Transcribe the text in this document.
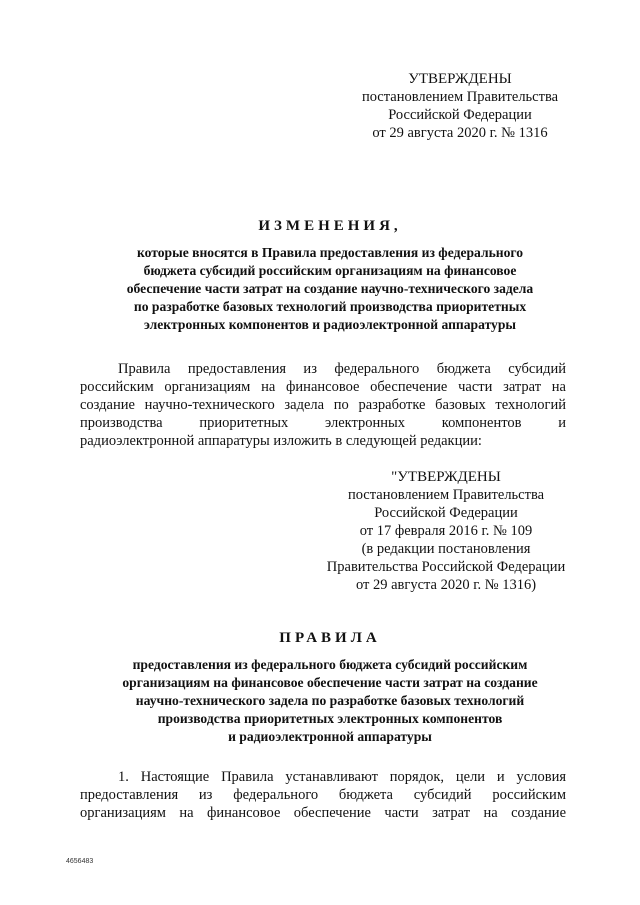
УТВЕРЖДЕНЫ
постановлением Правительства
Российской Федерации
от 29 августа 2020 г. № 1316
ИЗМЕНЕНИЯ,
которые вносятся в Правила предоставления из федерального
бюджета субсидий российским организациям на финансовое
обеспечение части затрат на создание научно-технического задела
по разработке базовых технологий производства приоритетных
электронных компонентов и радиоэлектронной аппаратуры
Правила предоставления из федерального бюджета субсидий
российским организациям на финансовое обеспечение части затрат на
создание научно-технического задела по разработке базовых технологий
производства приоритетных электронных компонентов и
радиоэлектронной аппаратуры изложить в следующей редакции:
"УТВЕРЖДЕНЫ
постановлением Правительства
Российской Федерации
от 17 февраля 2016 г. № 109
(в редакции постановления
Правительства Российской Федерации
от 29 августа 2020 г. № 1316)
ПРАВИЛА
предоставления из федерального бюджета субсидий российским
организациям на финансовое обеспечение части затрат на создание
научно-технического задела по разработке базовых технологий
производства приоритетных электронных компонентов
и радиоэлектронной аппаратуры
1. Настоящие Правила устанавливают порядок, цели и условия
предоставления из федерального бюджета субсидий российским
организациям на финансовое обеспечение части затрат на создание
4656483
